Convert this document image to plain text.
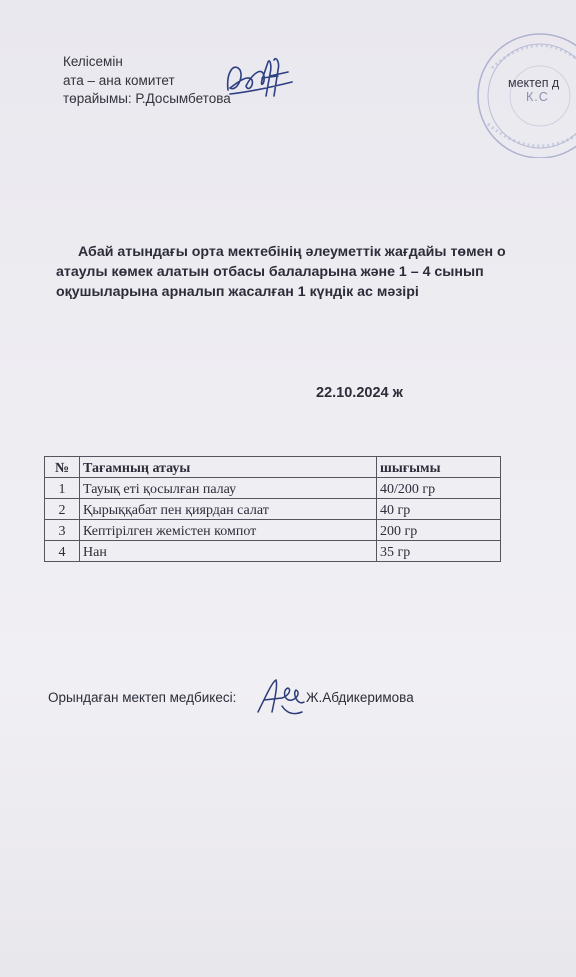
Келісемін
ата – ана комитет
төрайымы: Р.Досымбетова
мектеп д
К.С
Абай атындағы орта мектебінің әлеуметтік жағдайы төмен о
атаулы көмек алатын отбасы балаларына және 1 – 4 сынып
оқушыларына арналып жасалған 1 күндік ас мәзірі
22.10.2024 ж
№	Тағамның атауы	шығымы
1	Тауық еті қосылған палау	40/200 гр
2	Қырыққабат пен қиярдан салат	40 гр
3	Кептірілген жемістен компот	200 гр
4	Нан	35 гр
Орындаған мектеп медбикесі:	Ж.Абдикеримова
